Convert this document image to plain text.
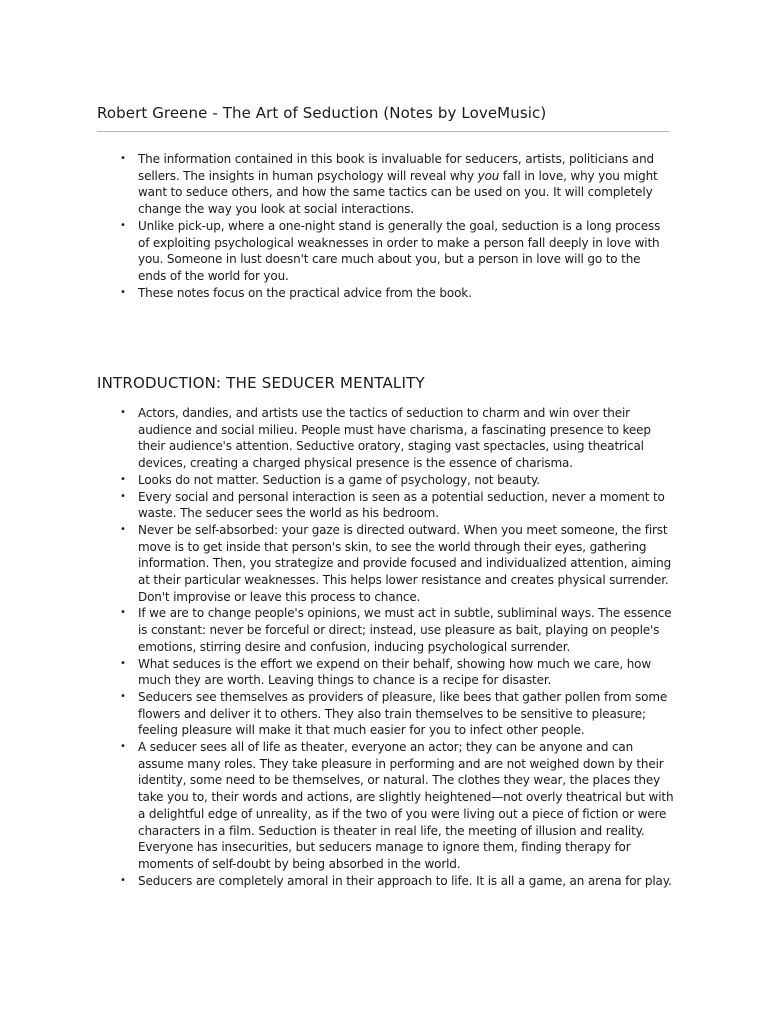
Robert Greene - The Art of Seduction (Notes by LoveMusic)
• The information contained in this book is invaluable for seducers, artists, politicians and sellers. The insights in human psychology will reveal why you fall in love, why you might want to seduce others, and how the same tactics can be used on you. It will completely change the way you look at social interactions.
• Unlike pick-up, where a one-night stand is generally the goal, seduction is a long process of exploiting psychological weaknesses in order to make a person fall deeply in love with you. Someone in lust doesn't care much about you, but a person in love will go to the ends of the world for you.
• These notes focus on the practical advice from the book.
INTRODUCTION: THE SEDUCER MENTALITY
• Actors, dandies, and artists use the tactics of seduction to charm and win over their audience and social milieu. People must have charisma, a fascinating presence to keep their audience's attention. Seductive oratory, staging vast spectacles, using theatrical devices, creating a charged physical presence is the essence of charisma.
• Looks do not matter. Seduction is a game of psychology, not beauty.
• Every social and personal interaction is seen as a potential seduction, never a moment to waste. The seducer sees the world as his bedroom.
• Never be self-absorbed: your gaze is directed outward. When you meet someone, the first move is to get inside that person's skin, to see the world through their eyes, gathering information. Then, you strategize and provide focused and individualized attention, aiming at their particular weaknesses. This helps lower resistance and creates physical surrender. Don't improvise or leave this process to chance.
• If we are to change people's opinions, we must act in subtle, subliminal ways. The essence is constant: never be forceful or direct; instead, use pleasure as bait, playing on people's emotions, stirring desire and confusion, inducing psychological surrender.
• What seduces is the effort we expend on their behalf, showing how much we care, how much they are worth. Leaving things to chance is a recipe for disaster.
• Seducers see themselves as providers of pleasure, like bees that gather pollen from some flowers and deliver it to others. They also train themselves to be sensitive to pleasure; feeling pleasure will make it that much easier for you to infect other people.
• A seducer sees all of life as theater, everyone an actor; they can be anyone and can assume many roles. They take pleasure in performing and are not weighed down by their identity, some need to be themselves, or natural. The clothes they wear, the places they take you to, their words and actions, are slightly heightened—not overly theatrical but with a delightful edge of unreality, as if the two of you were living out a piece of fiction or were characters in a film. Seduction is theater in real life, the meeting of illusion and reality. Everyone has insecurities, but seducers manage to ignore them, finding therapy for moments of self-doubt by being absorbed in the world.
• Seducers are completely amoral in their approach to life. It is all a game, an arena for play.
